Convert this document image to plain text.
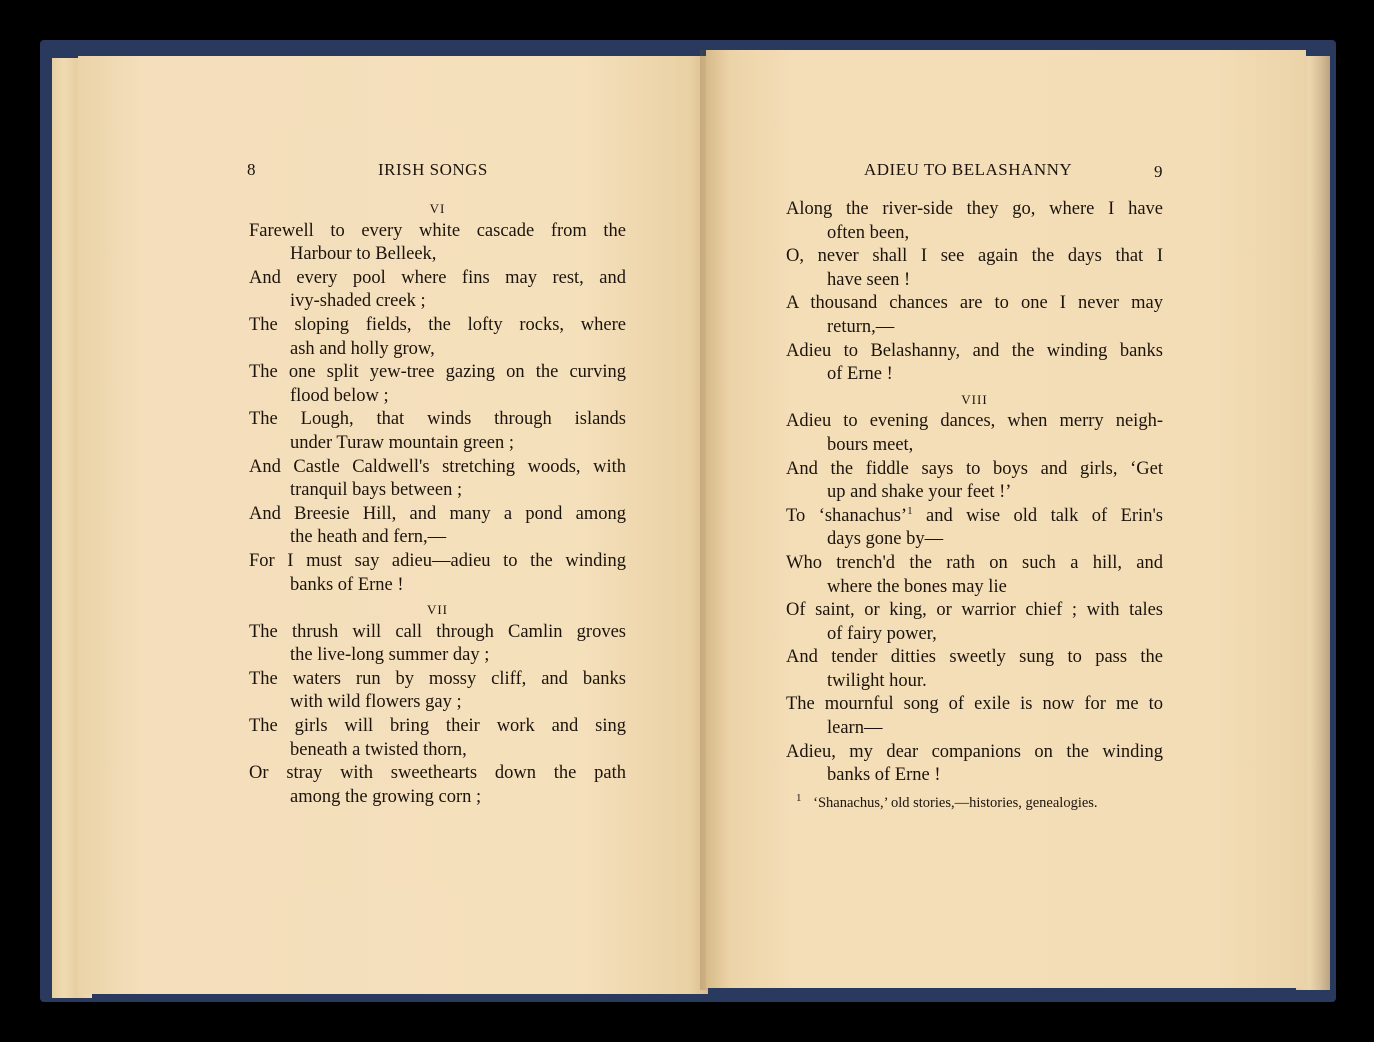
8	IRISH SONGS
VI
Farewell to every white cascade from the
Harbour to Belleek,
And every pool where fins may rest, and
ivy-shaded creek ;
The sloping fields, the lofty rocks, where
ash and holly grow,
The one split yew-tree gazing on the curving
flood below ;
The Lough, that winds through islands
under Turaw mountain green ;
And Castle Caldwell's stretching woods, with
tranquil bays between ;
And Breesie Hill, and many a pond among
the heath and fern,—
For I must say adieu—adieu to the winding
banks of Erne !
VII
The thrush will call through Camlin groves
the live-long summer day ;
The waters run by mossy cliff, and banks
with wild flowers gay ;
The girls will bring their work and sing
beneath a twisted thorn,
Or stray with sweethearts down the path
among the growing corn ;
ADIEU TO BELASHANNY	9
Along the river-side they go, where I have
often been,
O, never shall I see again the days that I
have seen !
A thousand chances are to one I never may
return,—
Adieu to Belashanny, and the winding banks
of Erne !
VIII
Adieu to evening dances, when merry neigh-
bours meet,
And the fiddle says to boys and girls, ‘Get
up and shake your feet !’
To ‘shanachus’$^1$ and wise old talk of Erin's
days gone by—
Who trench'd the rath on such a hill, and
where the bones may lie
Of saint, or king, or warrior chief ; with tales
of fairy power,
And tender ditties sweetly sung to pass the
twilight hour.
The mournful song of exile is now for me to
learn—
Adieu, my dear companions on the winding
banks of Erne !
$^1$ ‘Shanachus,’ old stories,—histories, genealogies.
